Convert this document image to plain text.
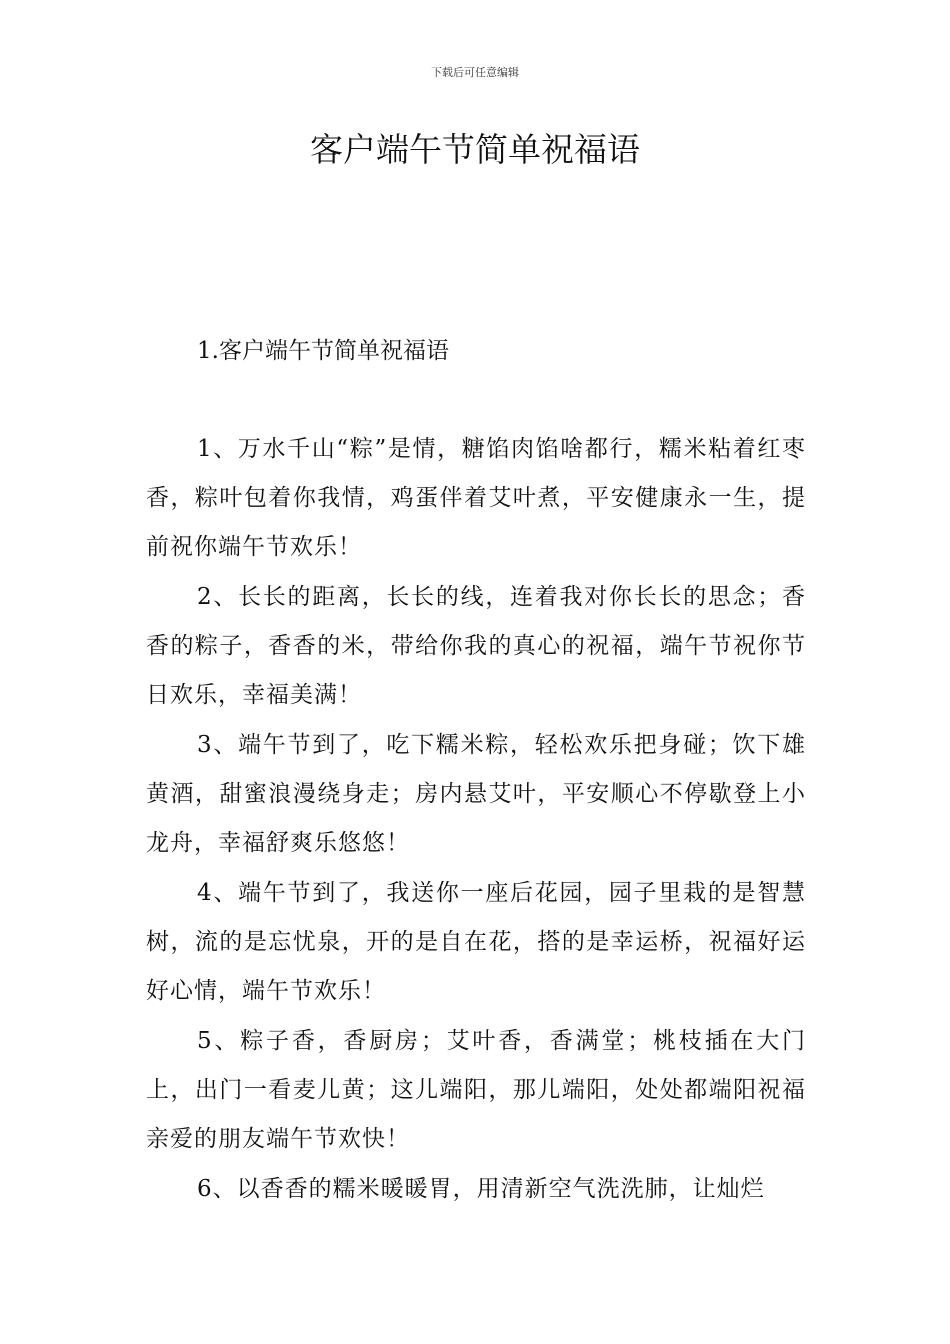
下载后可任意编辑
客户端午节简单祝福语
1.客户端午节简单祝福语

1、万水千山“粽”是情，糖馅肉馅啥都行，糯米粘着红枣香，粽叶包着你我情，鸡蛋伴着艾叶煮，平安健康永一生，提前祝你端午节欢乐！

2、长长的距离，长长的线，连着我对你长长的思念；香香的粽子，香香的米，带给你我的真心的祝福，端午节祝你节日欢乐，幸福美满！

3、端午节到了，吃下糯米粽，轻松欢乐把身碰；饮下雄黄酒，甜蜜浪漫绕身走；房内悬艾叶，平安顺心不停歇登上小龙舟，幸福舒爽乐悠悠！

4、端午节到了，我送你一座后花园，园子里栽的是智慧树，流的是忘忧泉，开的是自在花，搭的是幸运桥，祝福好运好心情，端午节欢乐！

5、粽子香，香厨房；艾叶香，香满堂；桃枝插在大门上，出门一看麦儿黄；这儿端阳，那儿端阳，处处都端阳祝福亲爱的朋友端午节欢快！

6、以香香的糯米暖暖胃，用清新空气洗洗肺，让灿烂
